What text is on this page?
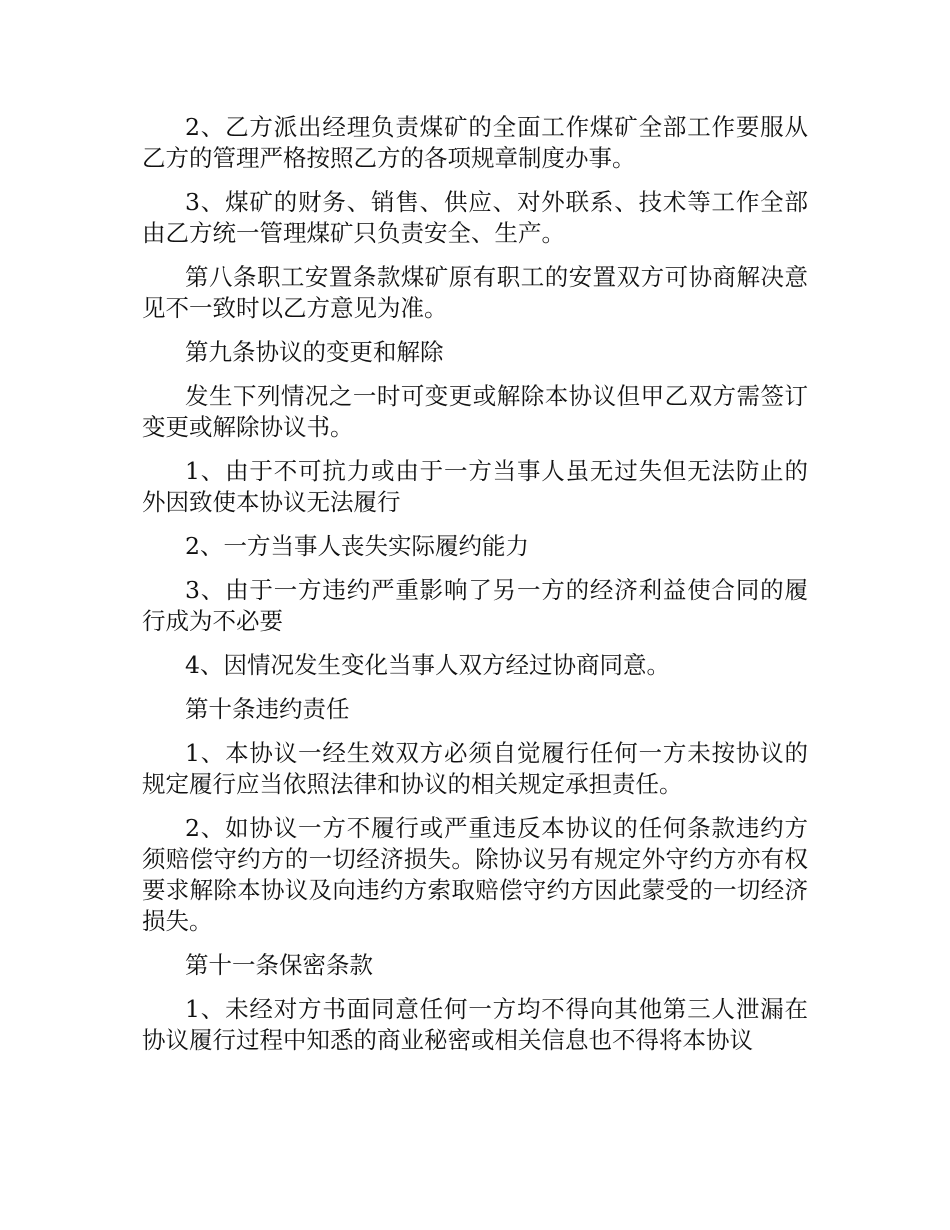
2、乙方派出经理负责煤矿的全面工作煤矿全部工作要服从乙方的管理严格按照乙方的各项规章制度办事。

3、煤矿的财务、销售、供应、对外联系、技术等工作全部由乙方统一管理煤矿只负责安全、生产。

第八条职工安置条款煤矿原有职工的安置双方可协商解决意见不一致时以乙方意见为准。

第九条协议的变更和解除

发生下列情况之一时可变更或解除本协议但甲乙双方需签订变更或解除协议书。

1、由于不可抗力或由于一方当事人虽无过失但无法防止的外因致使本协议无法履行

2、一方当事人丧失实际履约能力

3、由于一方违约严重影响了另一方的经济利益使合同的履行成为不必要

4、因情况发生变化当事人双方经过协商同意。

第十条违约责任

1、本协议一经生效双方必须自觉履行任何一方未按协议的规定履行应当依照法律和协议的相关规定承担责任。

2、如协议一方不履行或严重违反本协议的任何条款违约方须赔偿守约方的一切经济损失。除协议另有规定外守约方亦有权要求解除本协议及向违约方索取赔偿守约方因此蒙受的一切经济损失。

第十一条保密条款

1、未经对方书面同意任何一方均不得向其他第三人泄漏在协议履行过程中知悉的商业秘密或相关信息也不得将本协议
